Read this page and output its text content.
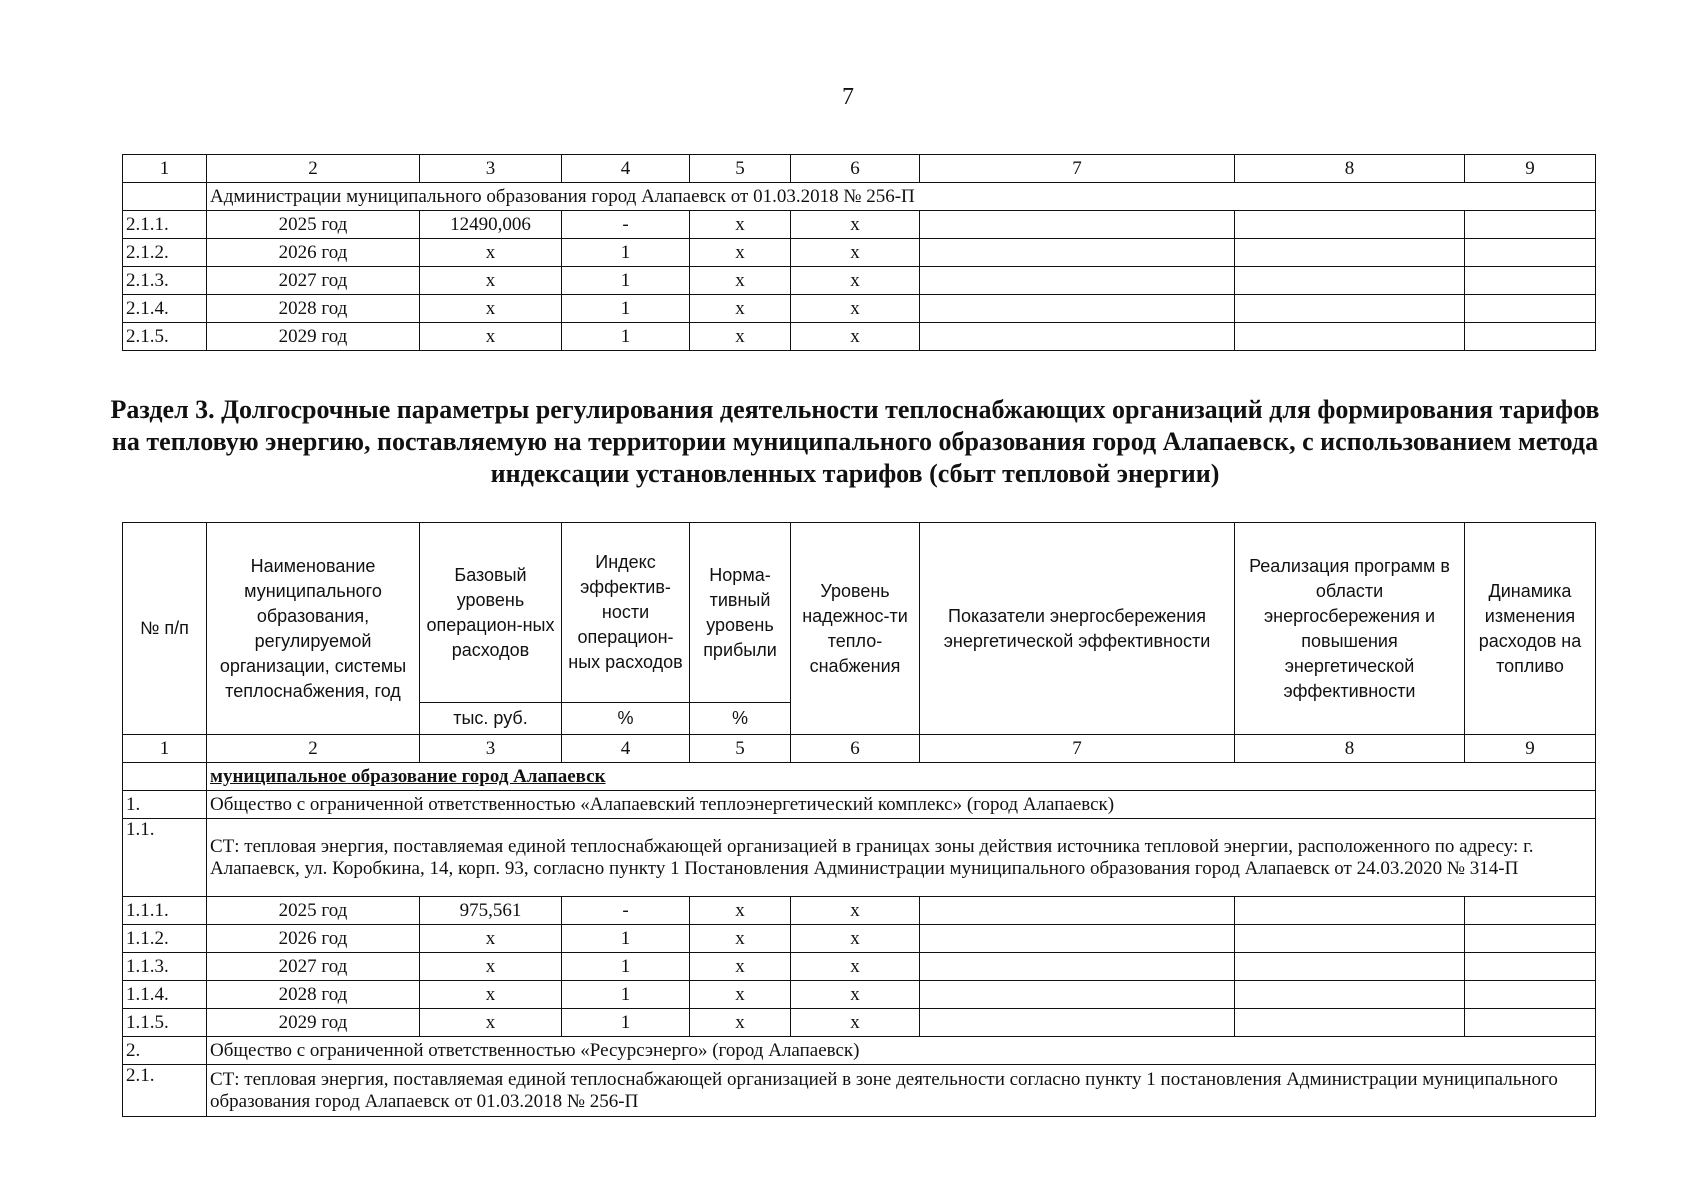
7
1	2	3	4	5	6	7	8	9
	Администрации муниципального образования город Алапаевск от 01.03.2018 № 256-П							
2.1.1.	2025 год	12490,006	-	x	x			
2.1.2.	2026 год	x	1	x	x			
2.1.3.	2027 год	x	1	x	x			
2.1.4.	2028 год	x	1	x	x			
2.1.5.	2029 год	x	1	x	x			
Раздел 3. Долгосрочные параметры регулирования деятельности теплоснабжающих организаций для формирования тарифов на тепловую энергию, поставляемую на территории муниципального образования город Алапаевск, с использованием метода индексации установленных тарифов (сбыт тепловой энергии)
№ п/п	Наименование муниципального образования, регулируемой организации, системы теплоснабжения, год	Базовый уровень операцион-ных расходов	Индекс эффектив-ности операцион-ных расходов	Норма-тивный уровень прибыли	Уровень надежнос-ти тепло-снабжения	Показатели энергосбережения энергетической эффективности	Реализация программ в области энергосбережения и повышения энергетической эффективности	Динамика изменения расходов на топливо
		тыс. руб.	%	%				
1	2	3	4	5	6	7	8	9
	муниципальное образование город Алапаевск							
1.	Общество с ограниченной ответственностью «Алапаевский теплоэнергетический комплекс» (город Алапаевск)							
1.1.	СТ: тепловая энергия, поставляемая единой теплоснабжающей организацией в границах зоны действия источника тепловой энергии, расположенного по адресу: г. Алапаевск, ул. Коробкина, 14, корп. 93, согласно пункту 1 Постановления Администрации муниципального образования город Алапаевск от 24.03.2020 № 314-П							
1.1.1.	2025 год	975,561	-	x	x			
1.1.2.	2026 год	x	1	x	x			
1.1.3.	2027 год	x	1	x	x			
1.1.4.	2028 год	x	1	x	x			
1.1.5.	2029 год	x	1	x	x			
2.	Общество с ограниченной ответственностью «Ресурсэнерго» (город Алапаевск)							
2.1.	СТ: тепловая энергия, поставляемая единой теплоснабжающей организацией в зоне деятельности согласно пункту 1 постановления Администрации муниципального образования город Алапаевск от 01.03.2018 № 256-П							
